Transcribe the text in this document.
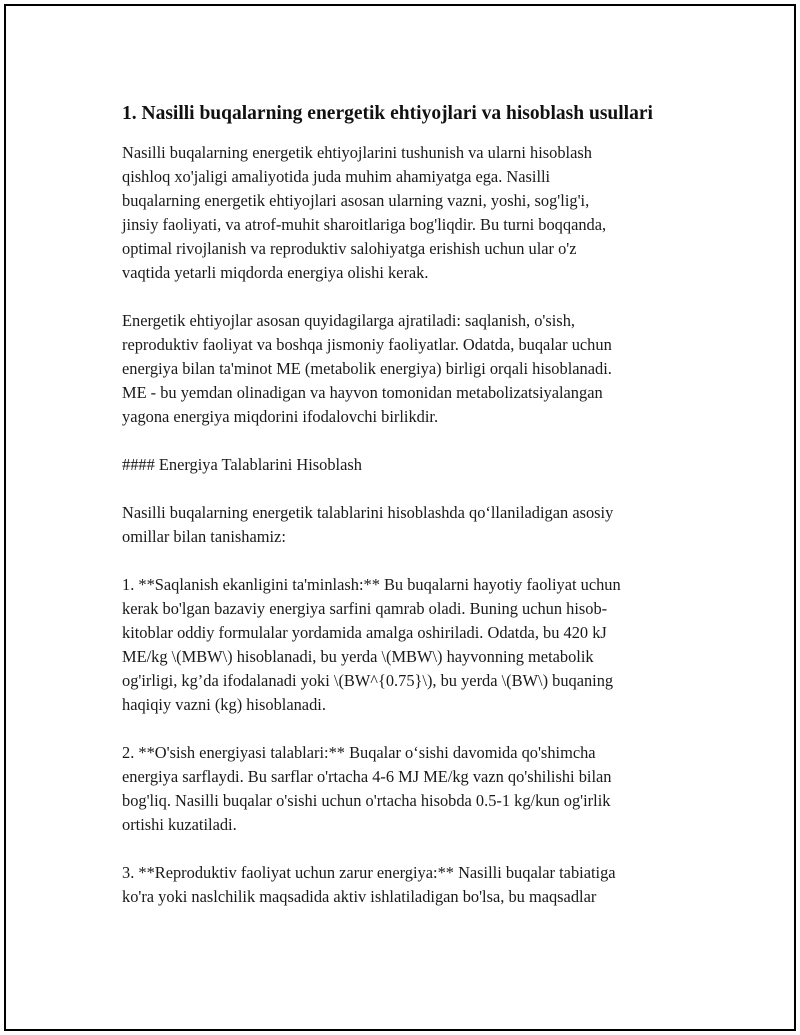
1. Nasilli buqalarning energetik ehtiyojlari va hisoblash usullari

Nasilli buqalarning energetik ehtiyojlarini tushunish va ularni hisoblash
qishloq xo'jaligi amaliyotida juda muhim ahamiyatga ega. Nasilli
buqalarning energetik ehtiyojlari asosan ularning vazni, yoshi, sog'lig'i,
jinsiy faoliyati, va atrof-muhit sharoitlariga bog'liqdir. Bu turni boqqanda,
optimal rivojlanish va reproduktiv salohiyatga erishish uchun ular o'z
vaqtida yetarli miqdorda energiya olishi kerak.

Energetik ehtiyojlar asosan quyidagilarga ajratiladi: saqlanish, o'sish,
reproduktiv faoliyat va boshqa jismoniy faoliyatlar. Odatda, buqalar uchun
energiya bilan ta'minot ME (metabolik energiya) birligi orqali hisoblanadi.
ME - bu yemdan olinadigan va hayvon tomonidan metabolizatsiyalangan
yagona energiya miqdorini ifodalovchi birlikdir.

#### Energiya Talablarini Hisoblash

Nasilli buqalarning energetik talablarini hisoblashda qo‘llaniladigan asosiy
omillar bilan tanishamiz:

1. **Saqlanish ekanligini ta'minlash:** Bu buqalarni hayotiy faoliyat uchun
kerak bo'lgan bazaviy energiya sarfini qamrab oladi. Buning uchun hisob-
kitoblar oddiy formulalar yordamida amalga oshiriladi. Odatda, bu 420 kJ
ME/kg \(MBW\) hisoblanadi, bu yerda \(MBW\) hayvonning metabolik
og'irligi, kg’da ifodalanadi yoki \(BW^{0.75}\), bu yerda \(BW\) buqaning
haqiqiy vazni (kg) hisoblanadi.

2. **O'sish energiyasi talablari:** Buqalar o‘sishi davomida qo'shimcha
energiya sarflaydi. Bu sarflar o'rtacha 4-6 MJ ME/kg vazn qo'shilishi bilan
bog'liq. Nasilli buqalar o'sishi uchun o'rtacha hisobda 0.5-1 kg/kun og'irlik
ortishi kuzatiladi.

3. **Reproduktiv faoliyat uchun zarur energiya:** Nasilli buqalar tabiatiga
ko'ra yoki naslchilik maqsadida aktiv ishlatiladigan bo'lsa, bu maqsadlar
